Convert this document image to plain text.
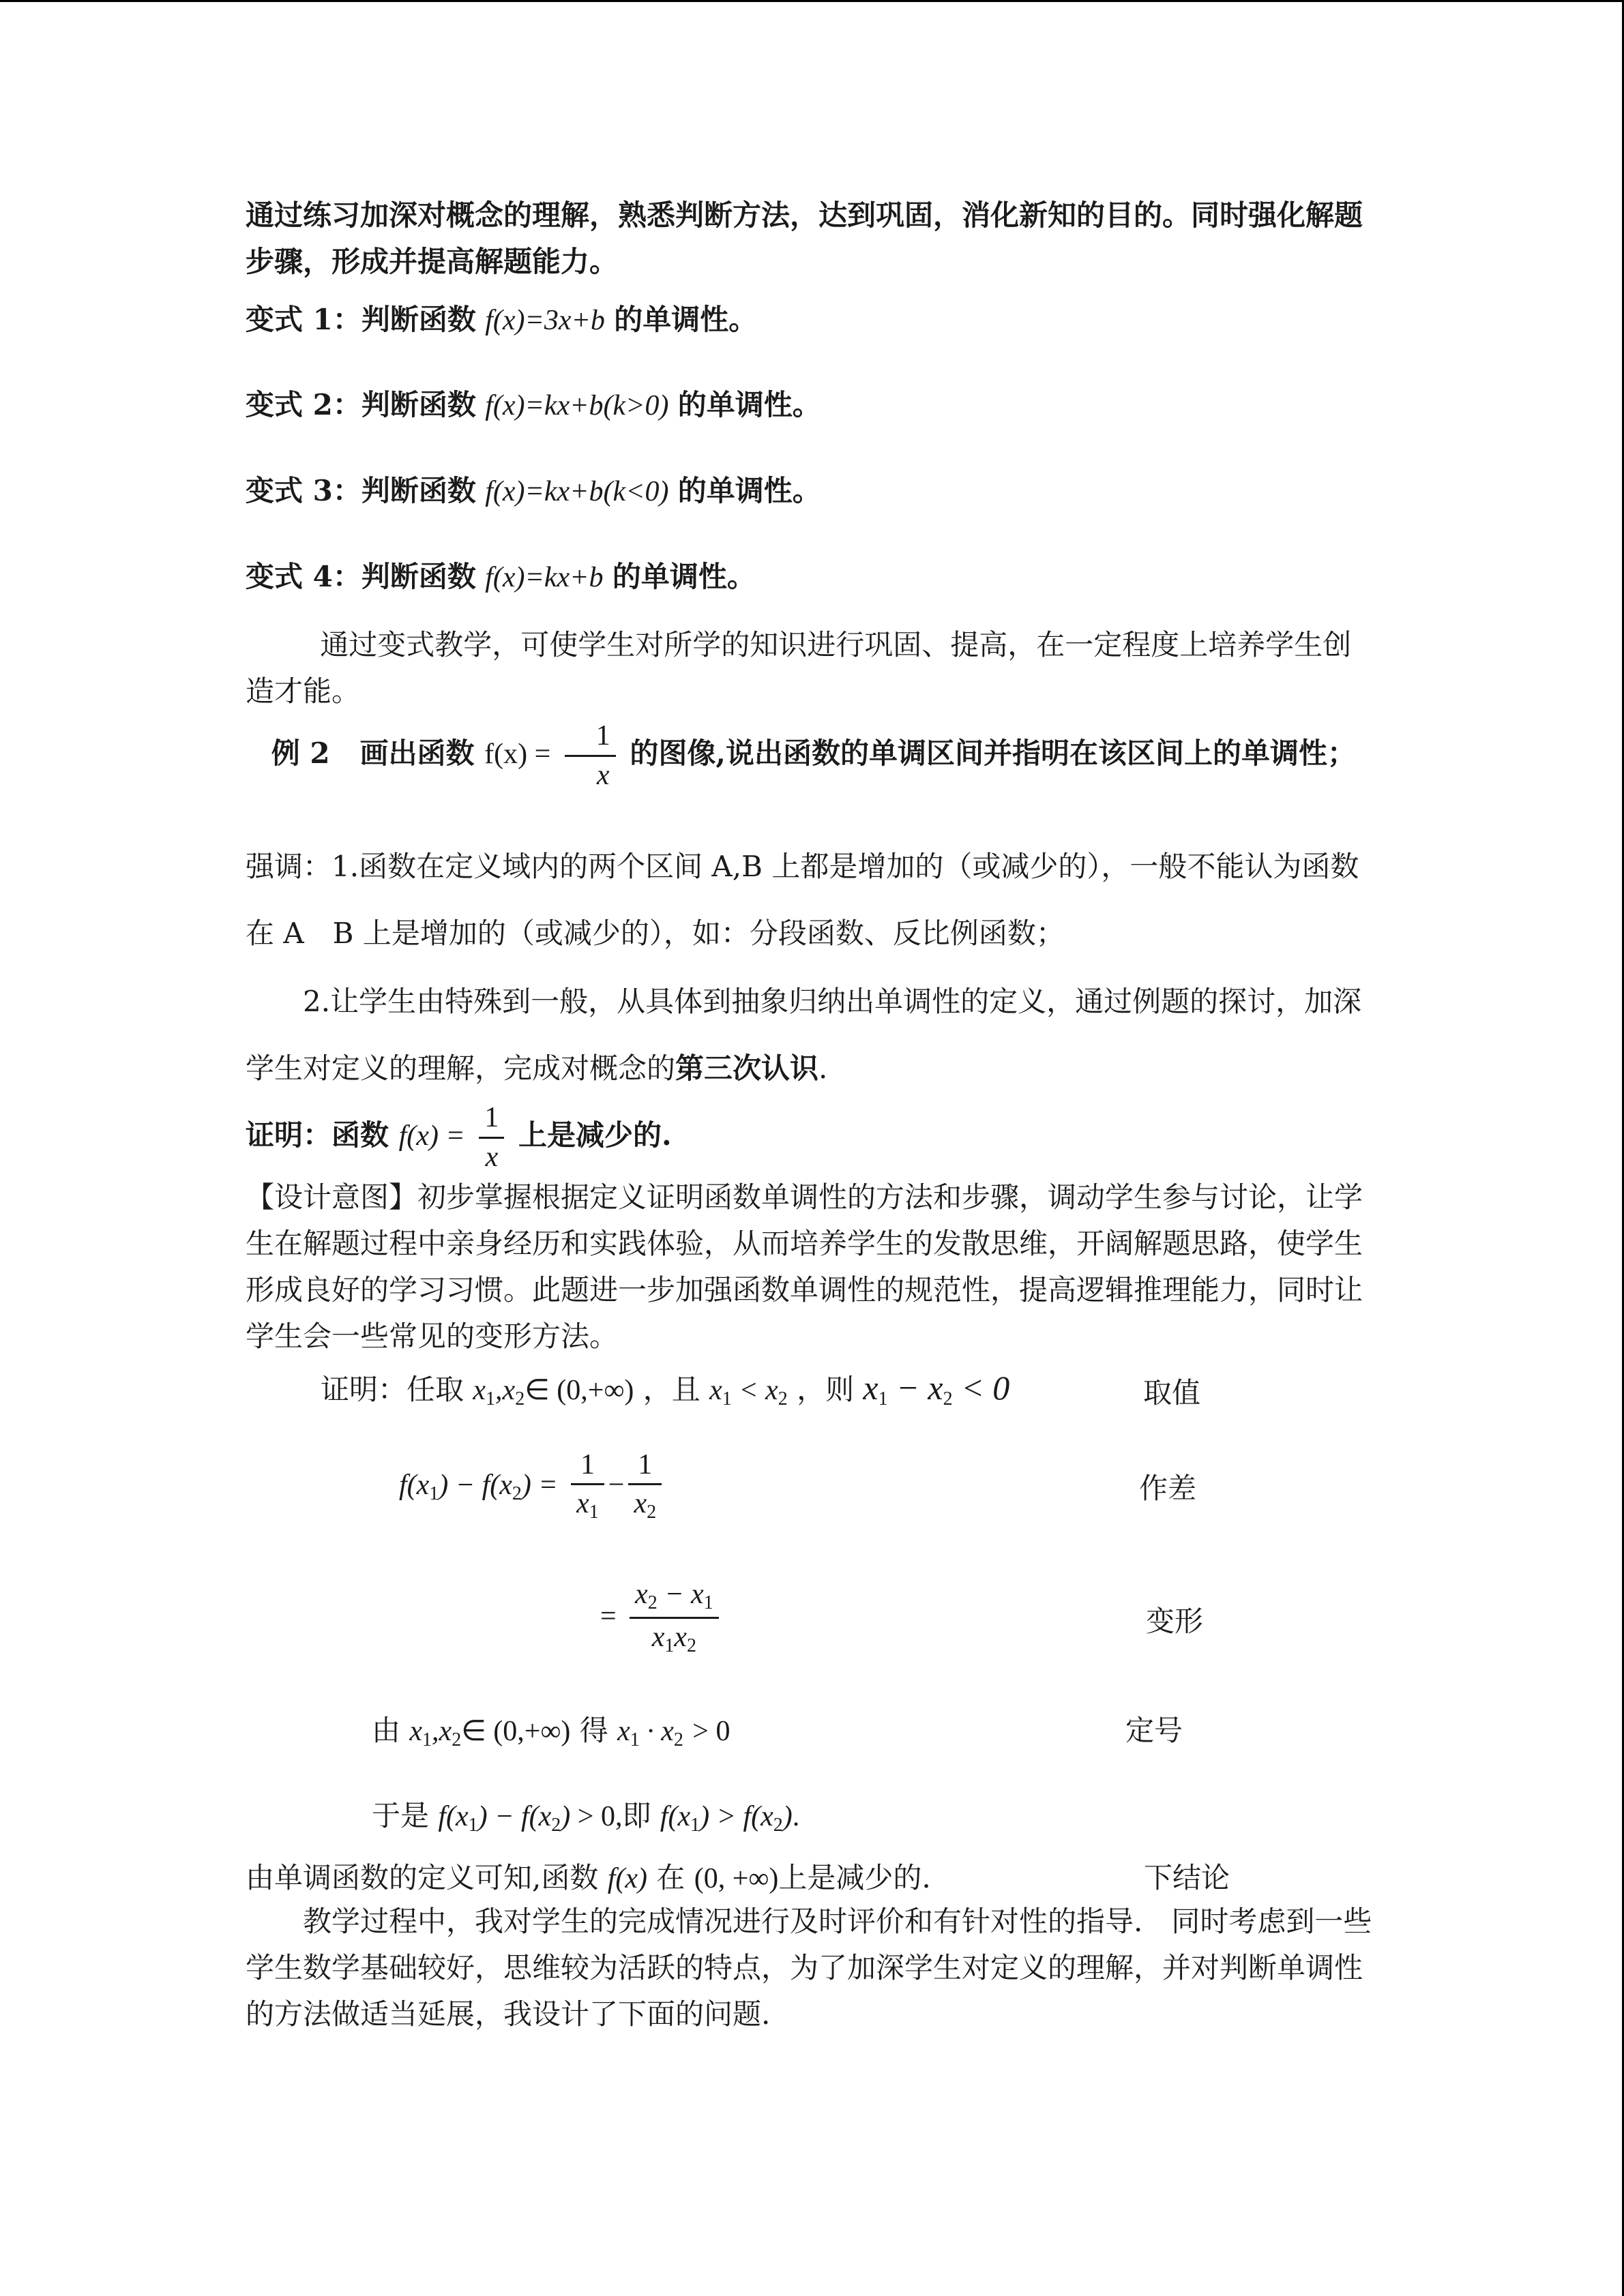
通过练习加深对概念的理解，熟悉判断方法，达到巩固，消化新知的目的。同时强化解题步骤，形成并提高解题能力。
变式 1：判断函数 f(x)=3x+b 的单调性。
变式 2：判断函数 f(x)=kx+b(k>0) 的单调性。
变式 3：判断函数 f(x)=kx+b(k<0) 的单调性。
变式 4：判断函数 f(x)=kx+b 的单调性。
通过变式教学，可使学生对所学的知识进行巩固、提高，在一定程度上培养学生创造才能。
例 2 画出函数 $f(x) = \frac{1}{x}$ 的图像,说出函数的单调区间并指明在该区间上的单调性；
强调：1.函数在定义域内的两个区间 A,B 上都是增加的（或减少的），一般不能认为函数在 A　B 上是增加的（或减少的），如：分段函数、反比例函数；
2.让学生由特殊到一般，从具体到抽象归纳出单调性的定义，通过例题的探讨，加深学生对定义的理解，完成对概念的第三次认识.
证明：函数 $f(x) = \frac{1}{x}$ 上是减少的.
【设计意图】初步掌握根据定义证明函数单调性的方法和步骤，调动学生参与讨论，让学生在解题过程中亲身经历和实践体验，从而培养学生的发散思维，开阔解题思路，使学生形成良好的学习习惯。此题进一步加强函数单调性的规范性，提高逻辑推理能力，同时让学生会一些常见的变形方法。
证明：任取 $x_1,x_2\in$ (0,+∞) ，且 $x_1 < x_2$ ，则 $x_1 - x_2 < 0$	取值
$f(x_1) - f(x_2) = \frac{1}{x_1} - \frac{1}{x_2}$	作差
= $\frac{x_2 - x_1}{x_1x_2}$	变形
由 $x_1,x_2\in$ (0,+∞) 得 $x_1 \cdot x_2 > 0$	定号
于是 $f(x_1) - f(x_2) > 0$,即 $f(x_1) > f(x_2)$.
由单调函数的定义可知,函数 f(x) 在 (0, +∞)上是减少的.	下结论
教学过程中，我对学生的完成情况进行及时评价和有针对性的指导.　同时考虑到一些学生数学基础较好，思维较为活跃的特点，为了加深学生对定义的理解，并对判断单调性的方法做适当延展，我设计了下面的问题.
